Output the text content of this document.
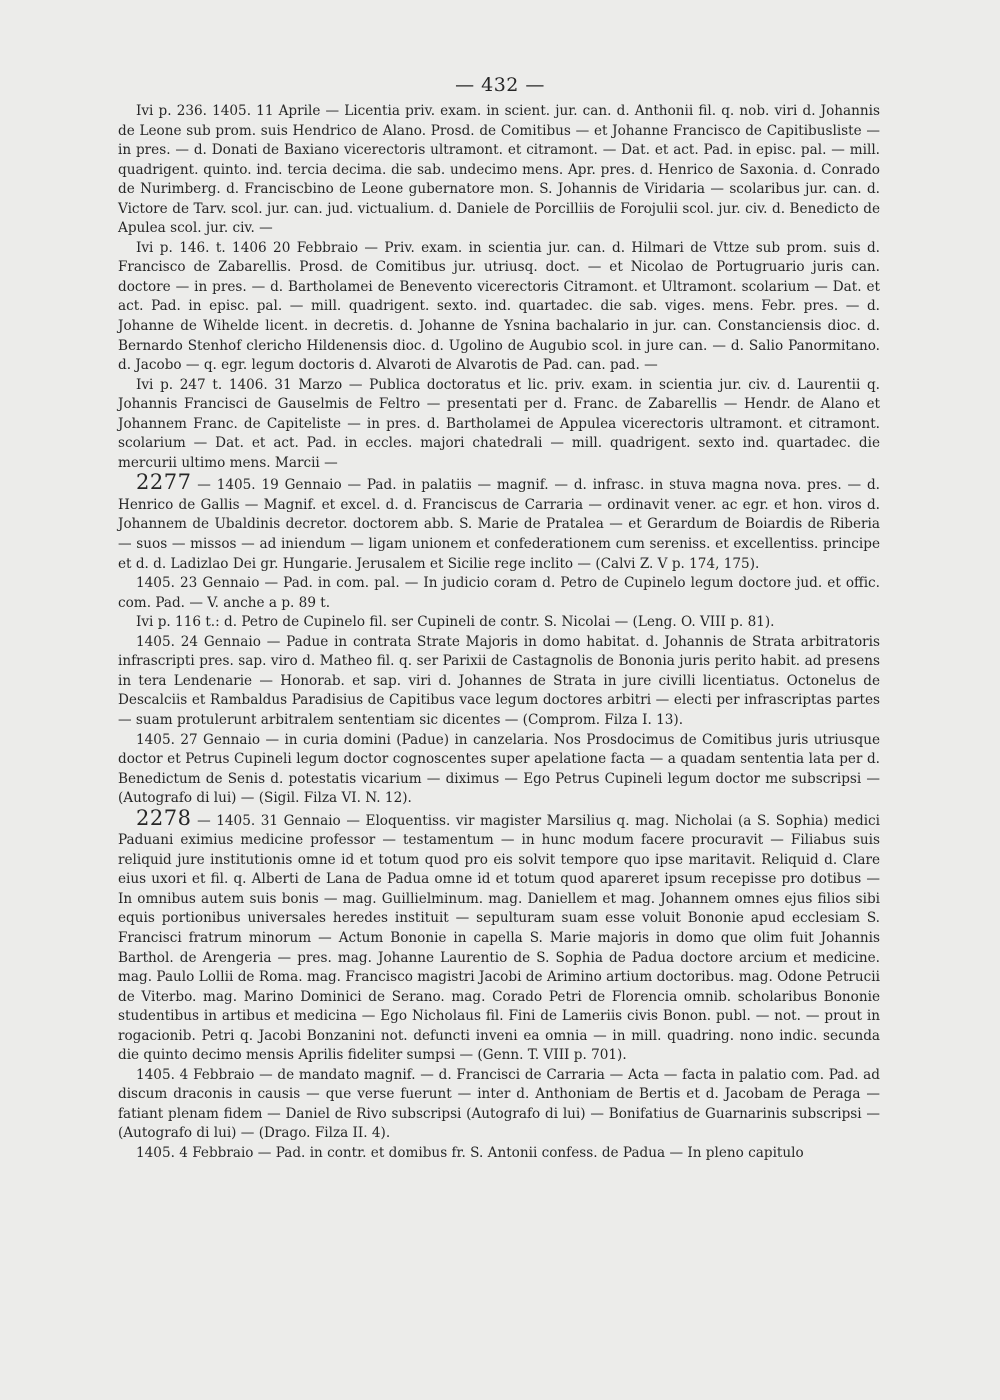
— 432 —

Ivi p. 236. 1405. 11 Aprile — Licentia priv. exam. in scient. jur. can. d. Anthonii fil. q. nob. viri d. Johannis de Leone sub prom. suis Hendrico de Alano. Prosd. de Comitibus — et Johanne Francisco de Capitibusliste — in pres. — d. Donati de Baxiano vicerectoris ultramont. et citramont. — Dat. et act. Pad. in episc. pal. — mill. quadrigent. quinto. ind. tercia decima. die sab. undecimo mens. Apr. pres. d. Henrico de Saxonia. d. Conrado de Nurimberg. d. Franciscbino de Leone gubernatore mon. S. Johannis de Viridaria — scolaribus jur. can. d. Victore de Tarv. scol. jur. can. jud. victualium. d. Daniele de Porcilliis de Forojulii scol. jur. civ. d. Benedicto de Apulea scol. jur. civ. —

Ivi p. 146. t. 1406 20 Febbraio — Priv. exam. in scientia jur. can. d. Hilmari de Vttze sub prom. suis d. Francisco de Zabarellis. Prosd. de Comitibus jur. utriusq. doct. — et Nicolao de Portugruario juris can. doctore — in pres. — d. Bartholamei de Benevento vicerectoris Citramont. et Ultramont. scolarium — Dat. et act. Pad. in episc. pal. — mill. quadrigent. sexto. ind. quartadec. die sab. viges. mens. Febr. pres. — d. Johanne de Wihelde licent. in decretis. d. Johanne de Ysnina bachalario in jur. can. Constanciensis dioc. d. Bernardo Stenhof clericho Hildenensis dioc. d. Ugolino de Augubio scol. in jure can. — d. Salio Panormitano. d. Jacobo — q. egr. legum doctoris d. Alvaroti de Alvarotis de Pad. can. pad. —

Ivi p. 247 t. 1406. 31 Marzo — Publica doctoratus et lic. priv. exam. in scientia jur. civ. d. Laurentii q. Johannis Francisci de Gauselmis de Feltro — presentati per d. Franc. de Zabarellis — Hendr. de Alano et Johannem Franc. de Capiteliste — in pres. d. Bartholamei de Appulea vicerectoris ultramont. et citramont. scolarium — Dat. et act. Pad. in eccles. majori chatedrali — mill. quadrigent. sexto ind. quartadec. die mercurii ultimo mens. Marcii —

2277 — 1405. 19 Gennaio — Pad. in palatiis — magnif. — d. infrasc. in stuva magna nova. pres. — d. Henrico de Gallis — Magnif. et excel. d. d. Franciscus de Carraria — ordinavit vener. ac egr. et hon. viros d. Johannem de Ubaldinis decretor. doctorem abb. S. Marie de Pratalea — et Gerardum de Boiardis de Riberia — suos — missos — ad iniendum — ligam unionem et confederationem cum sereniss. et excellentiss. principe et d. d. Ladizlao Dei gr. Hungarie. Jerusalem et Sicilie rege inclito — (Calvi Z. V p. 174, 175).

1405. 23 Gennaio — Pad. in com. pal. — In judicio coram d. Petro de Cupinelo legum doctore jud. et offic. com. Pad. — V. anche a p. 89 t.

Ivi p. 116 t.: d. Petro de Cupinelo fil. ser Cupineli de contr. S. Nicolai — (Leng. O. VIII p. 81).

1405. 24 Gennaio — Padue in contrata Strate Majoris in domo habitat. d. Johannis de Strata arbitratoris infrascripti pres. sap. viro d. Matheo fil. q. ser Parixii de Castagnolis de Bononia juris perito habit. ad presens in tera Lendenarie — Honorab. et sap. viri d. Johannes de Strata in jure civilli licentiatus. Octonelus de Descalciis et Rambaldus Paradisius de Capitibus vace legum doctores arbitri — electi per infrascriptas partes — suam protulerunt arbitralem sententiam sic dicentes — (Comprom. Filza I. 13).

1405. 27 Gennaio — in curia domini (Padue) in canzelaria. Nos Prosdocimus de Comitibus juris utriusque doctor et Petrus Cupineli legum doctor cognoscentes super apelatione facta — a quadam sententia lata per d. Benedictum de Senis d. potestatis vicarium — diximus — Ego Petrus Cupineli legum doctor me subscripsi — (Autografo di lui) — (Sigil. Filza VI. N. 12).

2278 — 1405. 31 Gennaio — Eloquentiss. vir magister Marsilius q. mag. Nicholai (a S. Sophia) medici Paduani eximius medicine professor — testamentum — in hunc modum facere procuravit — Filiabus suis reliquid jure institutionis omne id et totum quod pro eis solvit tempore quo ipse maritavit. Reliquid d. Clare eius uxori et fil. q. Alberti de Lana de Padua omne id et totum quod apareret ipsum recepisse pro dotibus — In omnibus autem suis bonis — mag. Guillielminum. mag. Daniellem et mag. Johannem omnes ejus filios sibi equis portionibus universales heredes instituit — sepulturam suam esse voluit Bononie apud ecclesiam S. Francisci fratrum minorum — Actum Bononie in capella S. Marie majoris in domo que olim fuit Johannis Barthol. de Arengeria — pres. mag. Johanne Laurentio de S. Sophia de Padua doctore arcium et medicine. mag. Paulo Lollii de Roma. mag. Francisco magistri Jacobi de Arimino artium doctoribus. mag. Odone Petrucii de Viterbo. mag. Marino Dominici de Serano. mag. Corado Petri de Florencia omnib. scholaribus Bononie studentibus in artibus et medicina — Ego Nicholaus fil. Fini de Lameriis civis Bonon. publ. — not. — prout in rogacionib. Petri q. Jacobi Bonzanini not. defuncti inveni ea omnia — in mill. quadring. nono indic. secunda die quinto decimo mensis Aprilis fideliter sumpsi — (Genn. T. VIII p. 701).

1405. 4 Febbraio — de mandato magnif. — d. Francisci de Carraria — Acta — facta in palatio com. Pad. ad discum draconis in causis — que verse fuerunt — inter d. Anthoniam de Bertis et d. Jacobam de Peraga — fatiant plenam fidem — Daniel de Rivo subscripsi (Autografo di lui) — Bonifatius de Guarnarinis subscripsi — (Autografo di lui) — (Drago. Filza II. 4).

1405. 4 Febbraio — Pad. in contr. et domibus fr. S. Antonii confess. de Padua — In pleno capitulo
